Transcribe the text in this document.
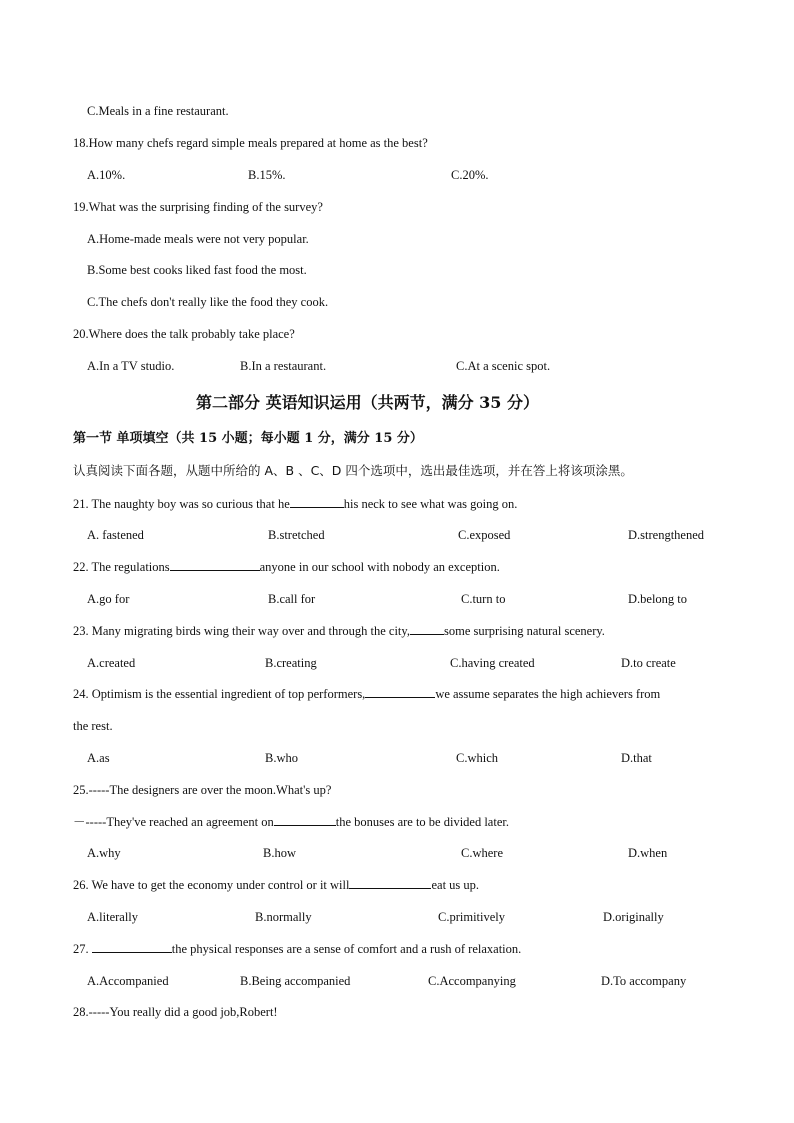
C.Meals in a fine restaurant.
18.How many chefs regard simple meals prepared at home as the best?
A.10%.	B.15%.	C.20%.
19.What was the surprising finding of the survey?
A.Home-made meals were not very popular.
B.Some best cooks liked fast food the most.
C.The chefs don't really like the food they cook.
20.Where does the talk probably take place?
A.In a TV studio.	B.In a restaurant.	C.At a scenic spot.
第二部分 英语知识运用（共两节，满分 35 分）
第一节 单项填空（共 15 小题；每小题 1 分，满分 15 分）
认真阅读下面各题，从题中所给的 A、B 、C、D 四个选项中，选出最佳选项，并在答上将该项涂黑。
21. The naughty boy was so curious that he	his neck to see what was going on.
A. fastened	B.stretched	C.exposed	D.strengthened
22. The regulations	anyone in our school with nobody an exception.
A.go for	B.call for	C.turn to	D.belong to
23. Many migrating birds wing their way over and through the city,	some surprising natural scenery.
A.created	B.creating	C.having created	D.to create
24. Optimism is the essential ingredient of top performers,	we assume separates the high achievers from
the rest.
A.as	B.who	C.which	D.that
25.-----The designers are over the moon.What's up?
－-----They've reached an agreement on	the bonuses are to be divided later.
A.why	B.how	C.where	D.when
26. We have to get the economy under control or it will	eat us up.
A.literally	B.normally	C.primitively	D.originally
27.	the physical responses are a sense of comfort and a rush of relaxation.
A.Accompanied	B.Being accompanied	C.Accompanying	D.To accompany
28.-----You really did a good job,Robert!
